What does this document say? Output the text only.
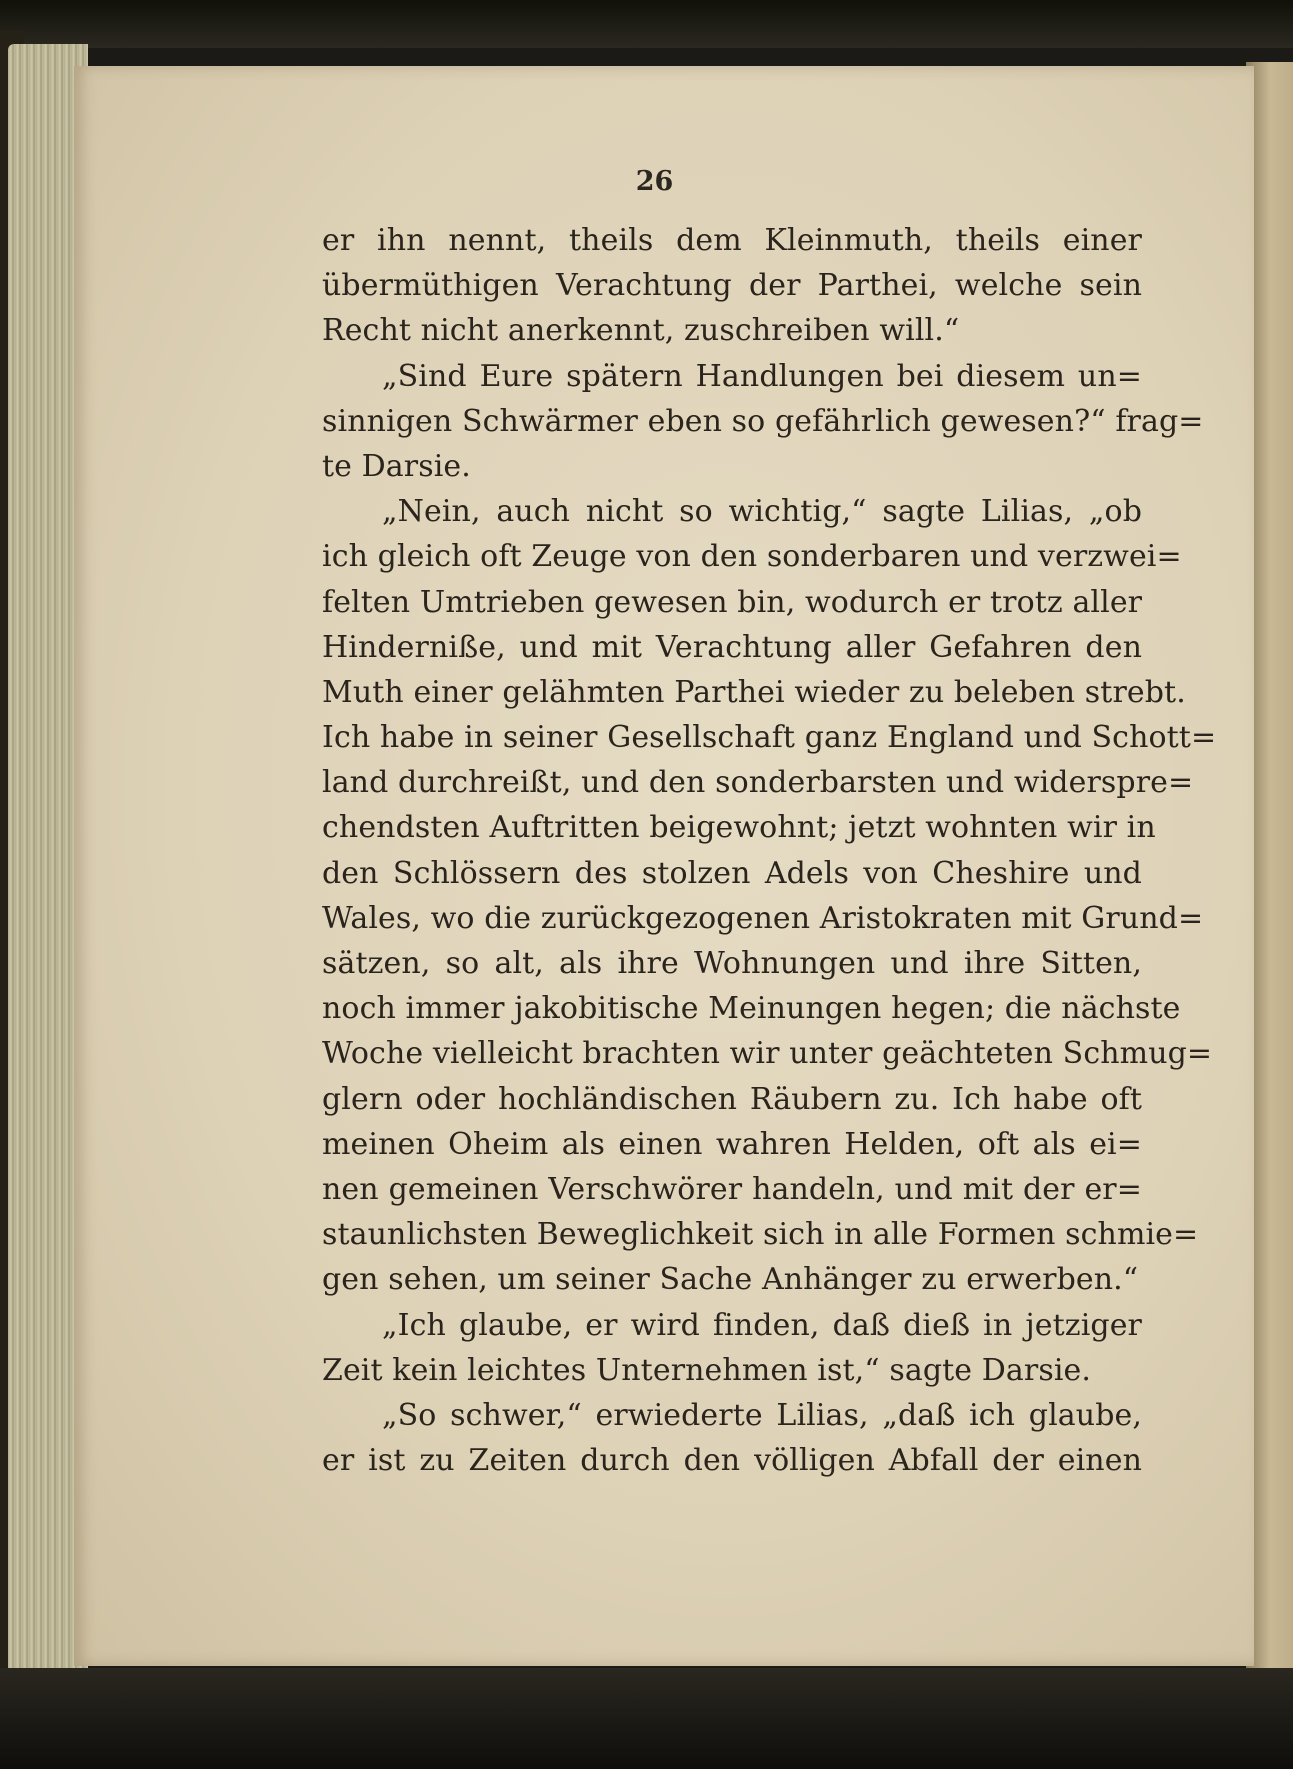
26

er ihn nennt, theils dem Kleinmuth, theils einer
übermüthigen Verachtung der Parthei, welche sein
Recht nicht anerkennt, zuschreiben will.“
„Sind Eure spätern Handlungen bei diesem un=
sinnigen Schwärmer eben so gefährlich gewesen?“ frag=
te Darsie.
„Nein, auch nicht so wichtig,“ sagte Lilias, „ob
ich gleich oft Zeuge von den sonderbaren und verzwei=
felten Umtrieben gewesen bin, wodurch er trotz aller
Hinderniße, und mit Verachtung aller Gefahren den
Muth einer gelähmten Parthei wieder zu beleben strebt.
Ich habe in seiner Gesellschaft ganz England und Schott=
land durchreißt, und den sonderbarsten und widerspre=
chendsten Auftritten beigewohnt; jetzt wohnten wir in
den Schlössern des stolzen Adels von Cheshire und
Wales, wo die zurückgezogenen Aristokraten mit Grund=
sätzen, so alt, als ihre Wohnungen und ihre Sitten,
noch immer jakobitische Meinungen hegen; die nächste
Woche vielleicht brachten wir unter geächteten Schmug=
glern oder hochländischen Räubern zu. Ich habe oft
meinen Oheim als einen wahren Helden, oft als ei=
nen gemeinen Verschwörer handeln, und mit der er=
staunlichsten Beweglichkeit sich in alle Formen schmie=
gen sehen, um seiner Sache Anhänger zu erwerben.“
„Ich glaube, er wird finden, daß dieß in jetziger
Zeit kein leichtes Unternehmen ist,“ sagte Darsie.
„So schwer,“ erwiederte Lilias, „daß ich glaube,
er ist zu Zeiten durch den völligen Abfall der einen
